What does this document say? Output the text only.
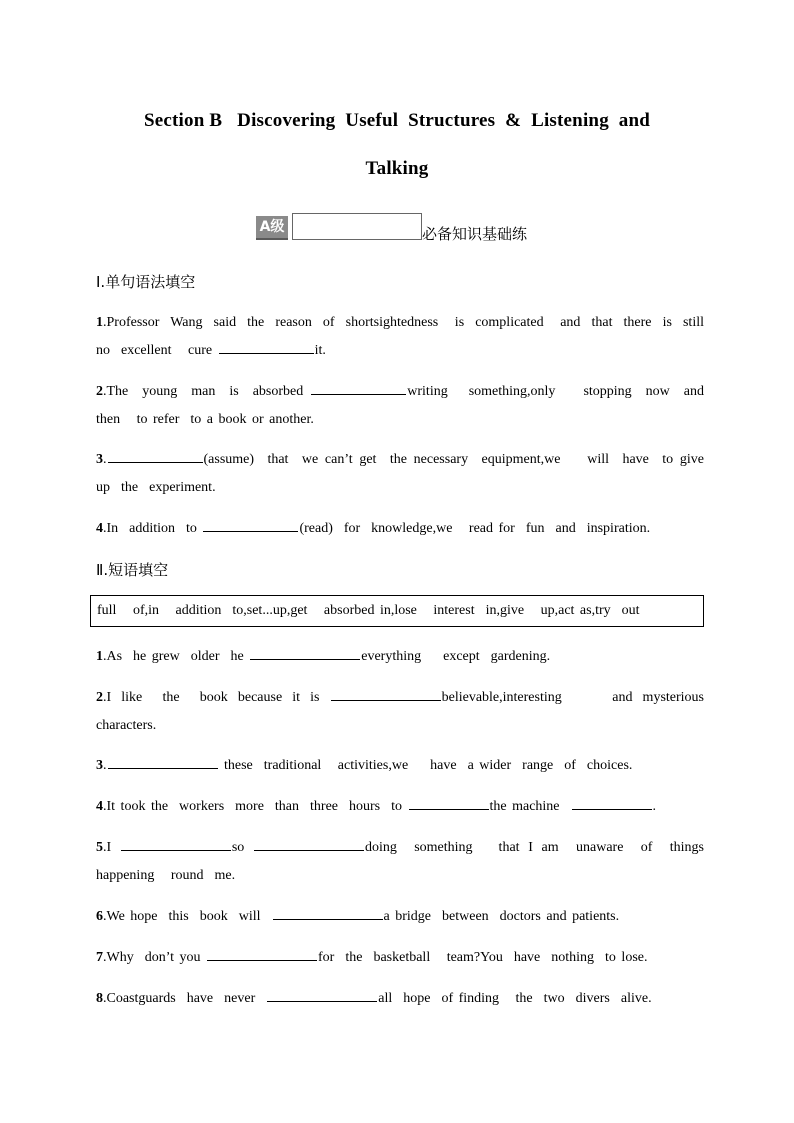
Section B   Discovering  Useful  Structures  &  Listening  and
Talking
A级	必备知识基础练
Ⅰ.单句语法填空
1.Professor  Wang  said  the  reason  of  shortsightedness   is  complicated   and  that  there  is  still   no  excellent   cure	it.
2.The  young  man  is  absorbed	writing   something,only    stopping  now  and  then   to refer  to a book or another.
3.	(assume)  that  we can’t get  the necessary  equipment,we    will  have  to give  up  the  experiment.
4.In  addition  to	(read)  for  knowledge,we   read for  fun  and  inspiration.
Ⅱ.短语填空
full   of,in   addition  to,set...up,get   absorbed in,lose   interest  in,give   up,act as,try  out
1.As  he grew  older  he	everything    except  gardening.
2.I like  the  book because it is	believable,interesting     and mysterious  characters.
3.	these  traditional   activities,we    have  a wider  range  of  choices.
4.It took the  workers  more  than  three  hours  to	the machine	.
5.I	so	doing  something   that I am  unaware  of  things  happening   round  me.
6.We hope  this  book  will	a bridge  between  doctors and patients.
7.Why  don’t you	for  the  basketball   team?You  have  nothing  to lose.
8.Coastguards  have  never	all  hope  of finding   the  two  divers  alive.
